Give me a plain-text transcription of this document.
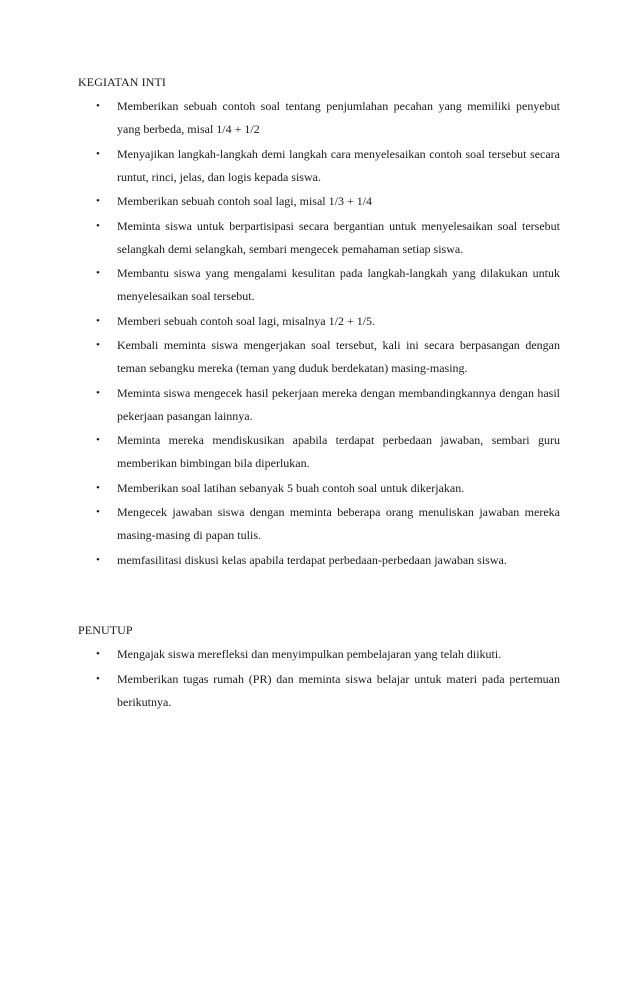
KEGIATAN INTI
• Memberikan sebuah contoh soal tentang penjumlahan pecahan yang memiliki penyebut yang berbeda, misal 1/4 + 1/2
• Menyajikan langkah-langkah demi langkah cara menyelesaikan contoh soal tersebut secara runtut, rinci, jelas, dan logis kepada siswa.
• Memberikan sebuah contoh soal lagi, misal 1/3 + 1/4
• Meminta siswa untuk berpartisipasi secara bergantian untuk menyelesaikan soal tersebut selangkah demi selangkah, sembari mengecek pemahaman setiap siswa.
• Membantu siswa yang mengalami kesulitan pada langkah-langkah yang dilakukan untuk menyelesaikan soal tersebut.
• Memberi sebuah contoh soal lagi, misalnya 1/2 + 1/5.
• Kembali meminta siswa mengerjakan soal tersebut, kali ini secara berpasangan dengan teman sebangku mereka (teman yang duduk berdekatan) masing-masing.
• Meminta siswa mengecek hasil pekerjaan mereka dengan membandingkannya dengan hasil pekerjaan pasangan lainnya.
• Meminta mereka mendiskusikan apabila terdapat perbedaan jawaban, sembari guru memberikan bimbingan bila diperlukan.
• Memberikan soal latihan sebanyak 5 buah contoh soal untuk dikerjakan.
• Mengecek jawaban siswa dengan meminta beberapa orang menuliskan jawaban mereka masing-masing di papan tulis.
• memfasilitasi diskusi kelas apabila terdapat perbedaan-perbedaan jawaban siswa.
PENUTUP
• Mengajak siswa merefleksi dan menyimpulkan pembelajaran yang telah diikuti.
• Memberikan tugas rumah (PR) dan meminta siswa belajar untuk materi pada pertemuan berikutnya.
